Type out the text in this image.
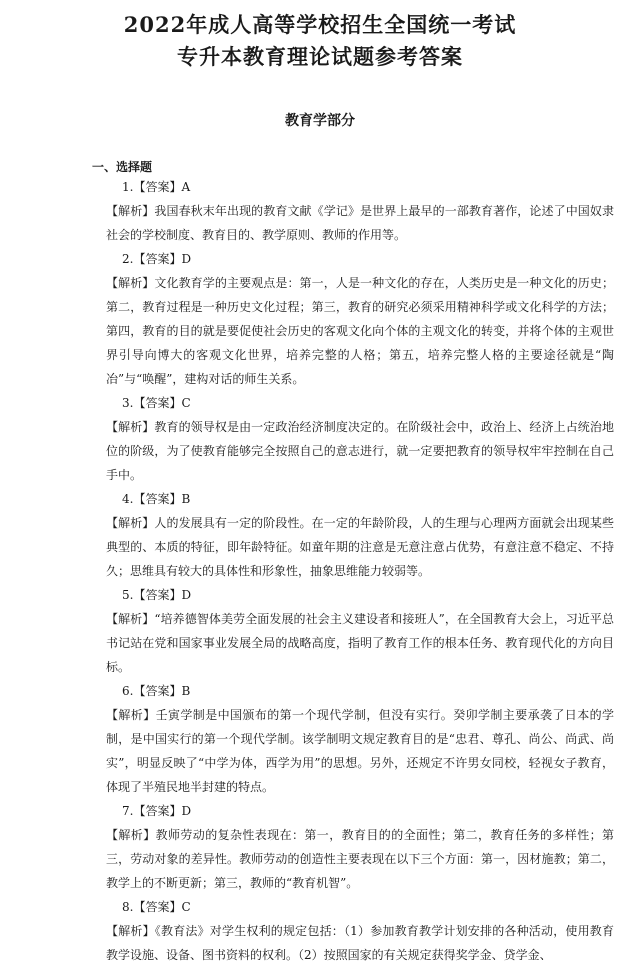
2022年成人高等学校招生全国统一考试
专升本教育理论试题参考答案
教育学部分
一、选择题
1.【答案】A

【解析】我国春秋末年出现的教育文献《学记》是世界上最早的一部教育著作，论述了中国奴隶社会的学校制度、教育目的、教学原则、教师的作用等。

2.【答案】D

【解析】文化教育学的主要观点是：第一，人是一种文化的存在，人类历史是一种文化的历史；第二，教育过程是一种历史文化过程；第三，教育的研究必须采用精神科学或文化科学的方法；第四，教育的目的就是要促使社会历史的客观文化向个体的主观文化的转变，并将个体的主观世界引导向博大的客观文化世界，培养完整的人格；第五，培养完整人格的主要途径就是“陶冶”与“唤醒”，建构对话的师生关系。

3.【答案】C

【解析】教育的领导权是由一定政治经济制度决定的。在阶级社会中，政治上、经济上占统治地位的阶级，为了使教育能够完全按照自己的意志进行，就一定要把教育的领导权牢牢控制在自己手中。

4.【答案】B

【解析】人的发展具有一定的阶段性。在一定的年龄阶段，人的生理与心理两方面就会出现某些典型的、本质的特征，即年龄特征。如童年期的注意是无意注意占优势，有意注意不稳定、不持久；思维具有较大的具体性和形象性，抽象思维能力较弱等。

5.【答案】D

【解析】“培养德智体美劳全面发展的社会主义建设者和接班人”，在全国教育大会上，习近平总书记站在党和国家事业发展全局的战略高度，指明了教育工作的根本任务、教育现代化的方向目标。

6.【答案】B

【解析】壬寅学制是中国颁布的第一个现代学制，但没有实行。癸卯学制主要承袭了日本的学制，是中国实行的第一个现代学制。该学制明文规定教育目的是“忠君、尊孔、尚公、尚武、尚实”，明显反映了“中学为体，西学为用”的思想。另外，还规定不许男女同校，轻视女子教育，体现了半殖民地半封建的特点。

7.【答案】D

【解析】教师劳动的复杂性表现在：第一，教育目的的全面性；第二，教育任务的多样性；第三，劳动对象的差异性。教师劳动的创造性主要表现在以下三个方面：第一，因材施教；第二，教学上的不断更新；第三，教师的“教育机智”。

8.【答案】C

【解析】《教育法》对学生权利的规定包括：（1）参加教育教学计划安排的各种活动，使用教育教学设施、设备、图书资料的权利。（2）按照国家的有关规定获得奖学金、贷学金、
